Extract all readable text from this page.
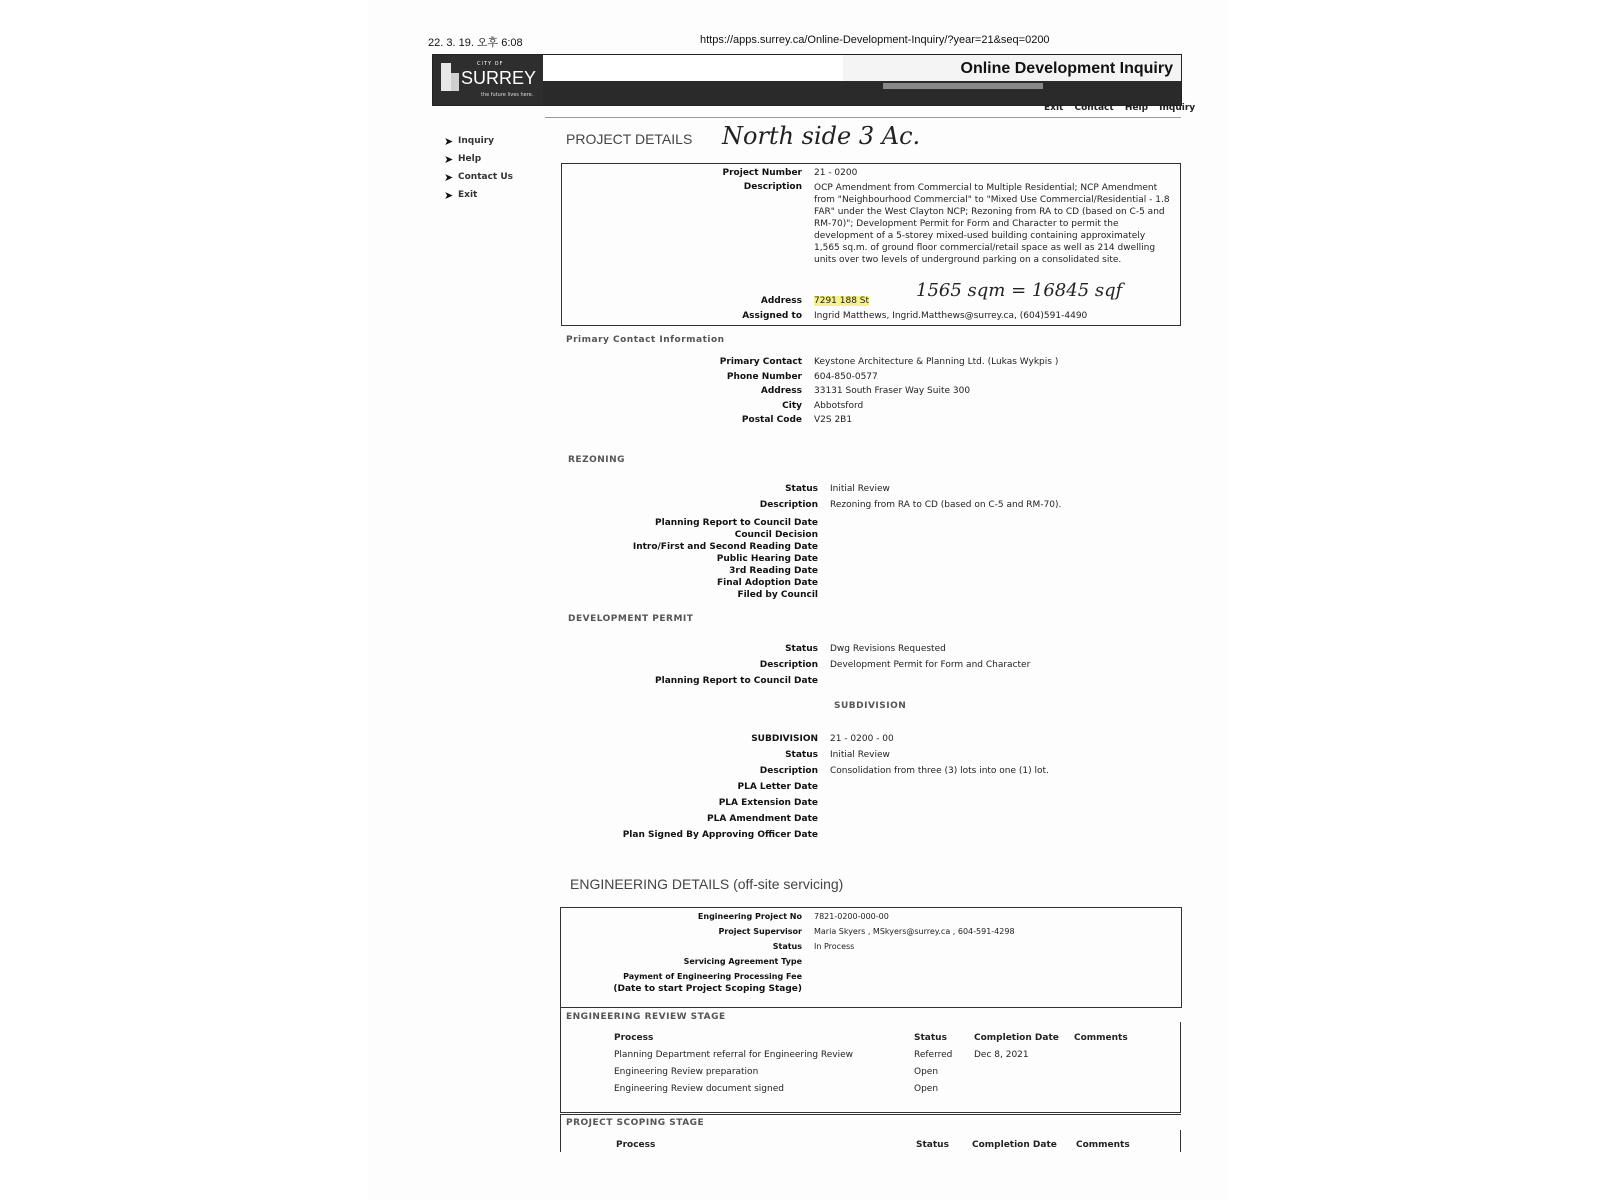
22. 3. 19. 오후 6:08	https://apps.surrey.ca/Online-Development-Inquiry/?year=21&seq=0200
CITY OF
SURREY
the future lives here.
Online Development Inquiry
Exit Contact Help Inquiry
➤ Inquiry
➤ Help
➤ Contact Us
➤ Exit
PROJECT DETAILS North side 3 Ac.
Project Number 21 - 0200
Description OCP Amendment from Commercial to Multiple Residential; NCP Amendment from "Neighbourhood Commercial" to "Mixed Use Commercial/Residential - 1.8 FAR" under the West Clayton NCP; Rezoning from RA to CD (based on C-5 and RM-70)"; Development Permit for Form and Character to permit the development of a 5-storey mixed-used building containing approximately 1,565 sq.m. of ground floor commercial/retail space as well as 214 dwelling units over two levels of underground parking on a consolidated site.
Address 7291 188 St	1565 sqm = 16845 sqf
Assigned to Ingrid Matthews, Ingrid.Matthews@surrey.ca, (604)591-4490
Primary Contact Information
Primary Contact Keystone Architecture & Planning Ltd. (Lukas Wykpis )
Phone Number 604-850-0577
Address 33131 South Fraser Way Suite 300
City Abbotsford
Postal Code V2S 2B1
REZONING
Status Initial Review
Description Rezoning from RA to CD (based on C-5 and RM-70).
Planning Report to Council Date
Council Decision
Intro/First and Second Reading Date
Public Hearing Date
3rd Reading Date
Final Adoption Date
Filed by Council
DEVELOPMENT PERMIT
Status Dwg Revisions Requested
Description Development Permit for Form and Character
Planning Report to Council Date
SUBDIVISION
SUBDIVISION 21 - 0200 - 00
Status Initial Review
Description Consolidation from three (3) lots into one (1) lot.
PLA Letter Date
PLA Extension Date
PLA Amendment Date
Plan Signed By Approving Officer Date
ENGINEERING DETAILS (off-site servicing)
Engineering Project No 7821-0200-000-00
Project Supervisor Maria Skyers , MSkyers@surrey.ca , 604-591-4298
Status In Process
Servicing Agreement Type
Payment of Engineering Processing Fee
(Date to start Project Scoping Stage)
ENGINEERING REVIEW STAGE
Process	Status	Completion Date	Comments
Planning Department referral for Engineering Review	Referred	Dec 8, 2021
Engineering Review preparation	Open
Engineering Review document signed	Open
PROJECT SCOPING STAGE
Process	Status	Completion Date	Comments
